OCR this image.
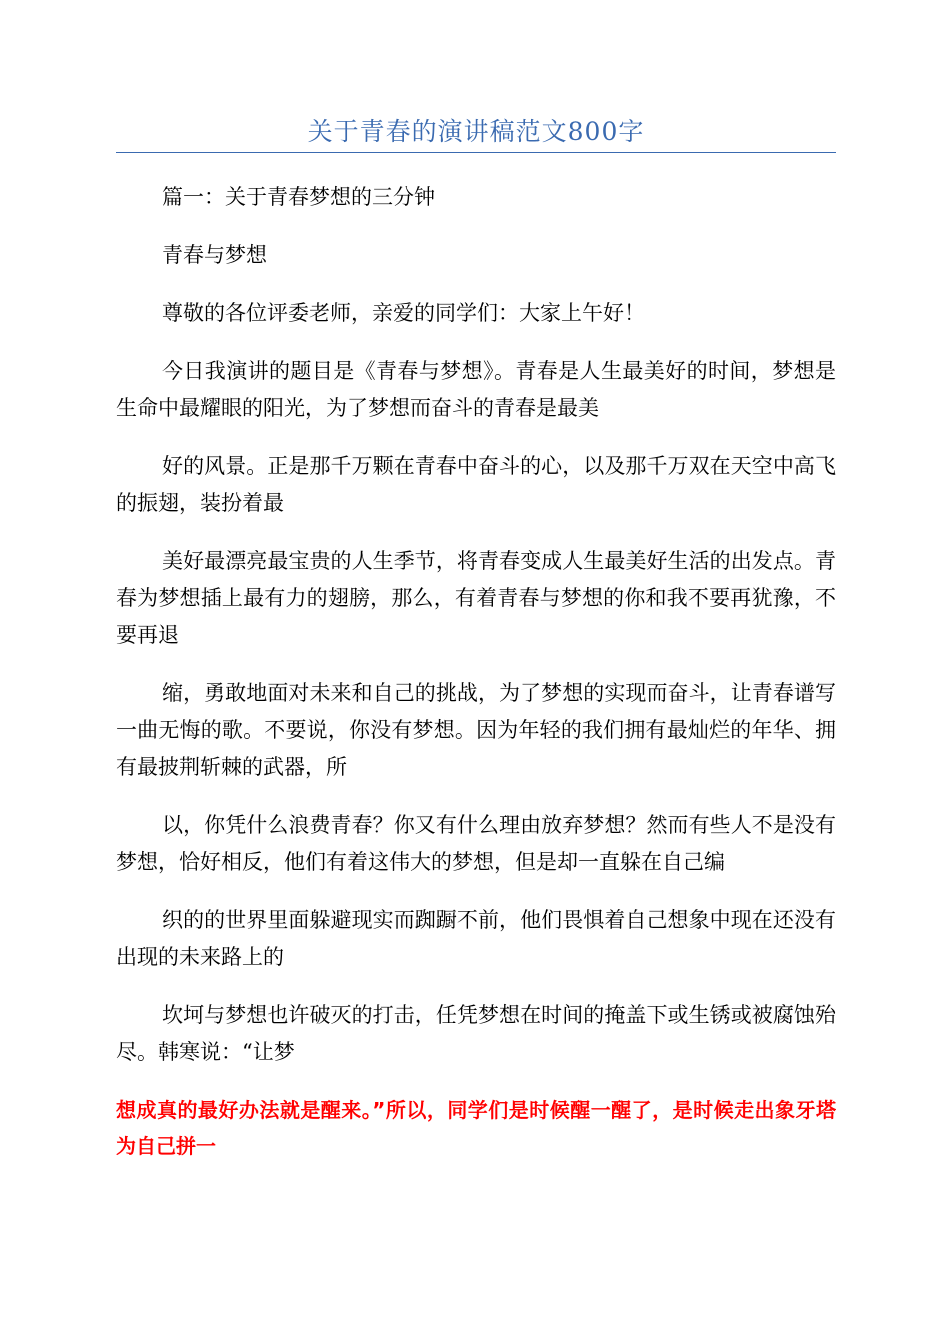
关于青春的演讲稿范文800字

篇一：关于青春梦想的三分钟

青春与梦想

尊敬的各位评委老师，亲爱的同学们：大家上午好！

今日我演讲的题目是《青春与梦想》。青春是人生最美好的时间，梦想是生命中最耀眼的阳光，为了梦想而奋斗的青春是最美

好的风景。正是那千万颗在青春中奋斗的心，以及那千万双在天空中高飞的振翅，装扮着最

美好最漂亮最宝贵的人生季节，将青春变成人生最美好生活的出发点。青春为梦想插上最有力的翅膀，那么，有着青春与梦想的你和我不要再犹豫，不要再退

缩，勇敢地面对未来和自己的挑战，为了梦想的实现而奋斗，让青春谱写一曲无悔的歌。不要说，你没有梦想。因为年轻的我们拥有最灿烂的年华、拥有最披荆斩棘的武器，所

以，你凭什么浪费青春？你又有什么理由放弃梦想？然而有些人不是没有梦想，恰好相反，他们有着这伟大的梦想，但是却一直躲在自己编

织的的世界里面躲避现实而踟蹰不前，他们畏惧着自己想象中现在还没有出现的未来路上的

坎坷与梦想也许破灭的打击，任凭梦想在时间的掩盖下或生锈或被腐蚀殆尽。韩寒说：“让梦

想成真的最好办法就是醒来。”所以，同学们是时候醒一醒了，是时候走出象牙塔为自己拼一
